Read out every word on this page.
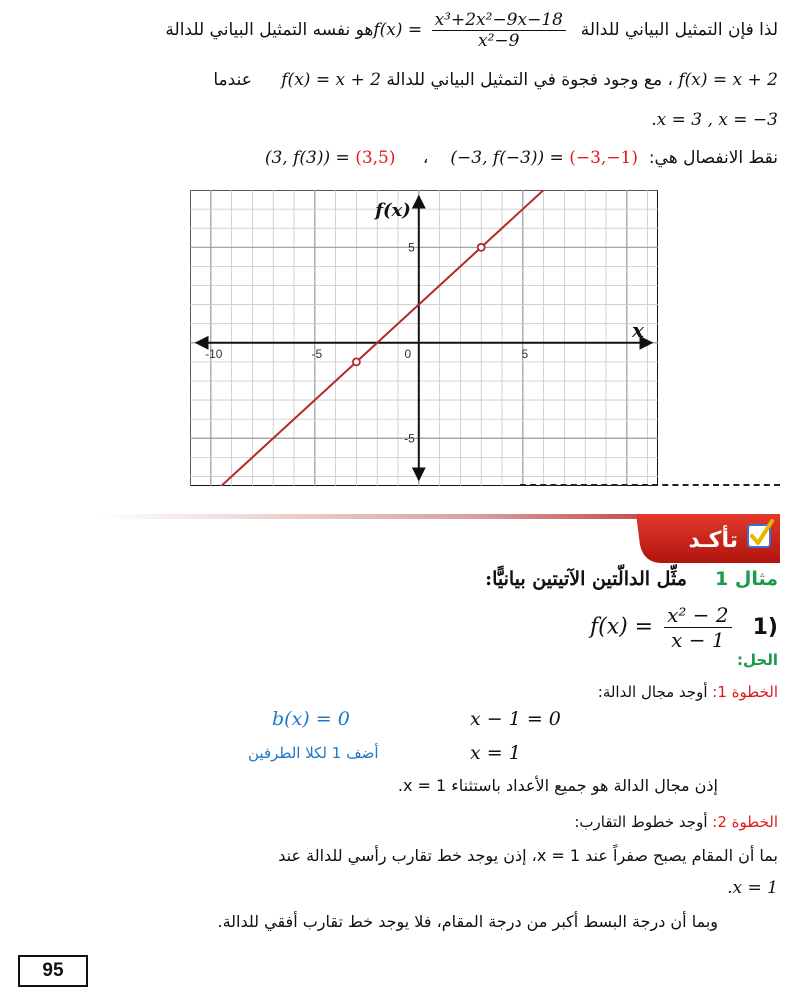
لذا فإن التمثيل البياني للدالة $f(x) = \frac{\text{x³+2x²−9x−18}}{\text{x²−9}}$
هو نفسه التمثيل البياني للدالة
f(x) = x + 2 ، مع وجود فجوة في التمثيل البياني للدالة f(x) = x + 2 عندما
.x = 3 , x = −3
نقط الانفصال هي: (−3, f(−3)) = (−3,−1) ، (3, f(3)) = (3,5)
-10	-5	0	5
5
-5
f(x)
x
تأكـد
مثال 1 مثِّل الدالّتين الآتيتين بيانيًّا:
$f(x) = \frac{\text{x² − 2}}{x - 1} 1$)
الحل:
الخطوة 1: أوجد مجال الدالة:
b(x) = 0	x − 1 = 0
أضف 1 لكلا الطرفين	x = 1
إذن مجال الدالة هو جميع الأعداد باستثناء x = 1.
الخطوة 2: أوجد خطوط التقارب:
بما أن المقام يصبح صفراً عند x = 1، إذن يوجد خط تقارب رأسي للدالة عند
.x = 1
وبما أن درجة البسط أكبر من درجة المقام، فلا يوجد خط تقارب أفقي للدالة.
95
